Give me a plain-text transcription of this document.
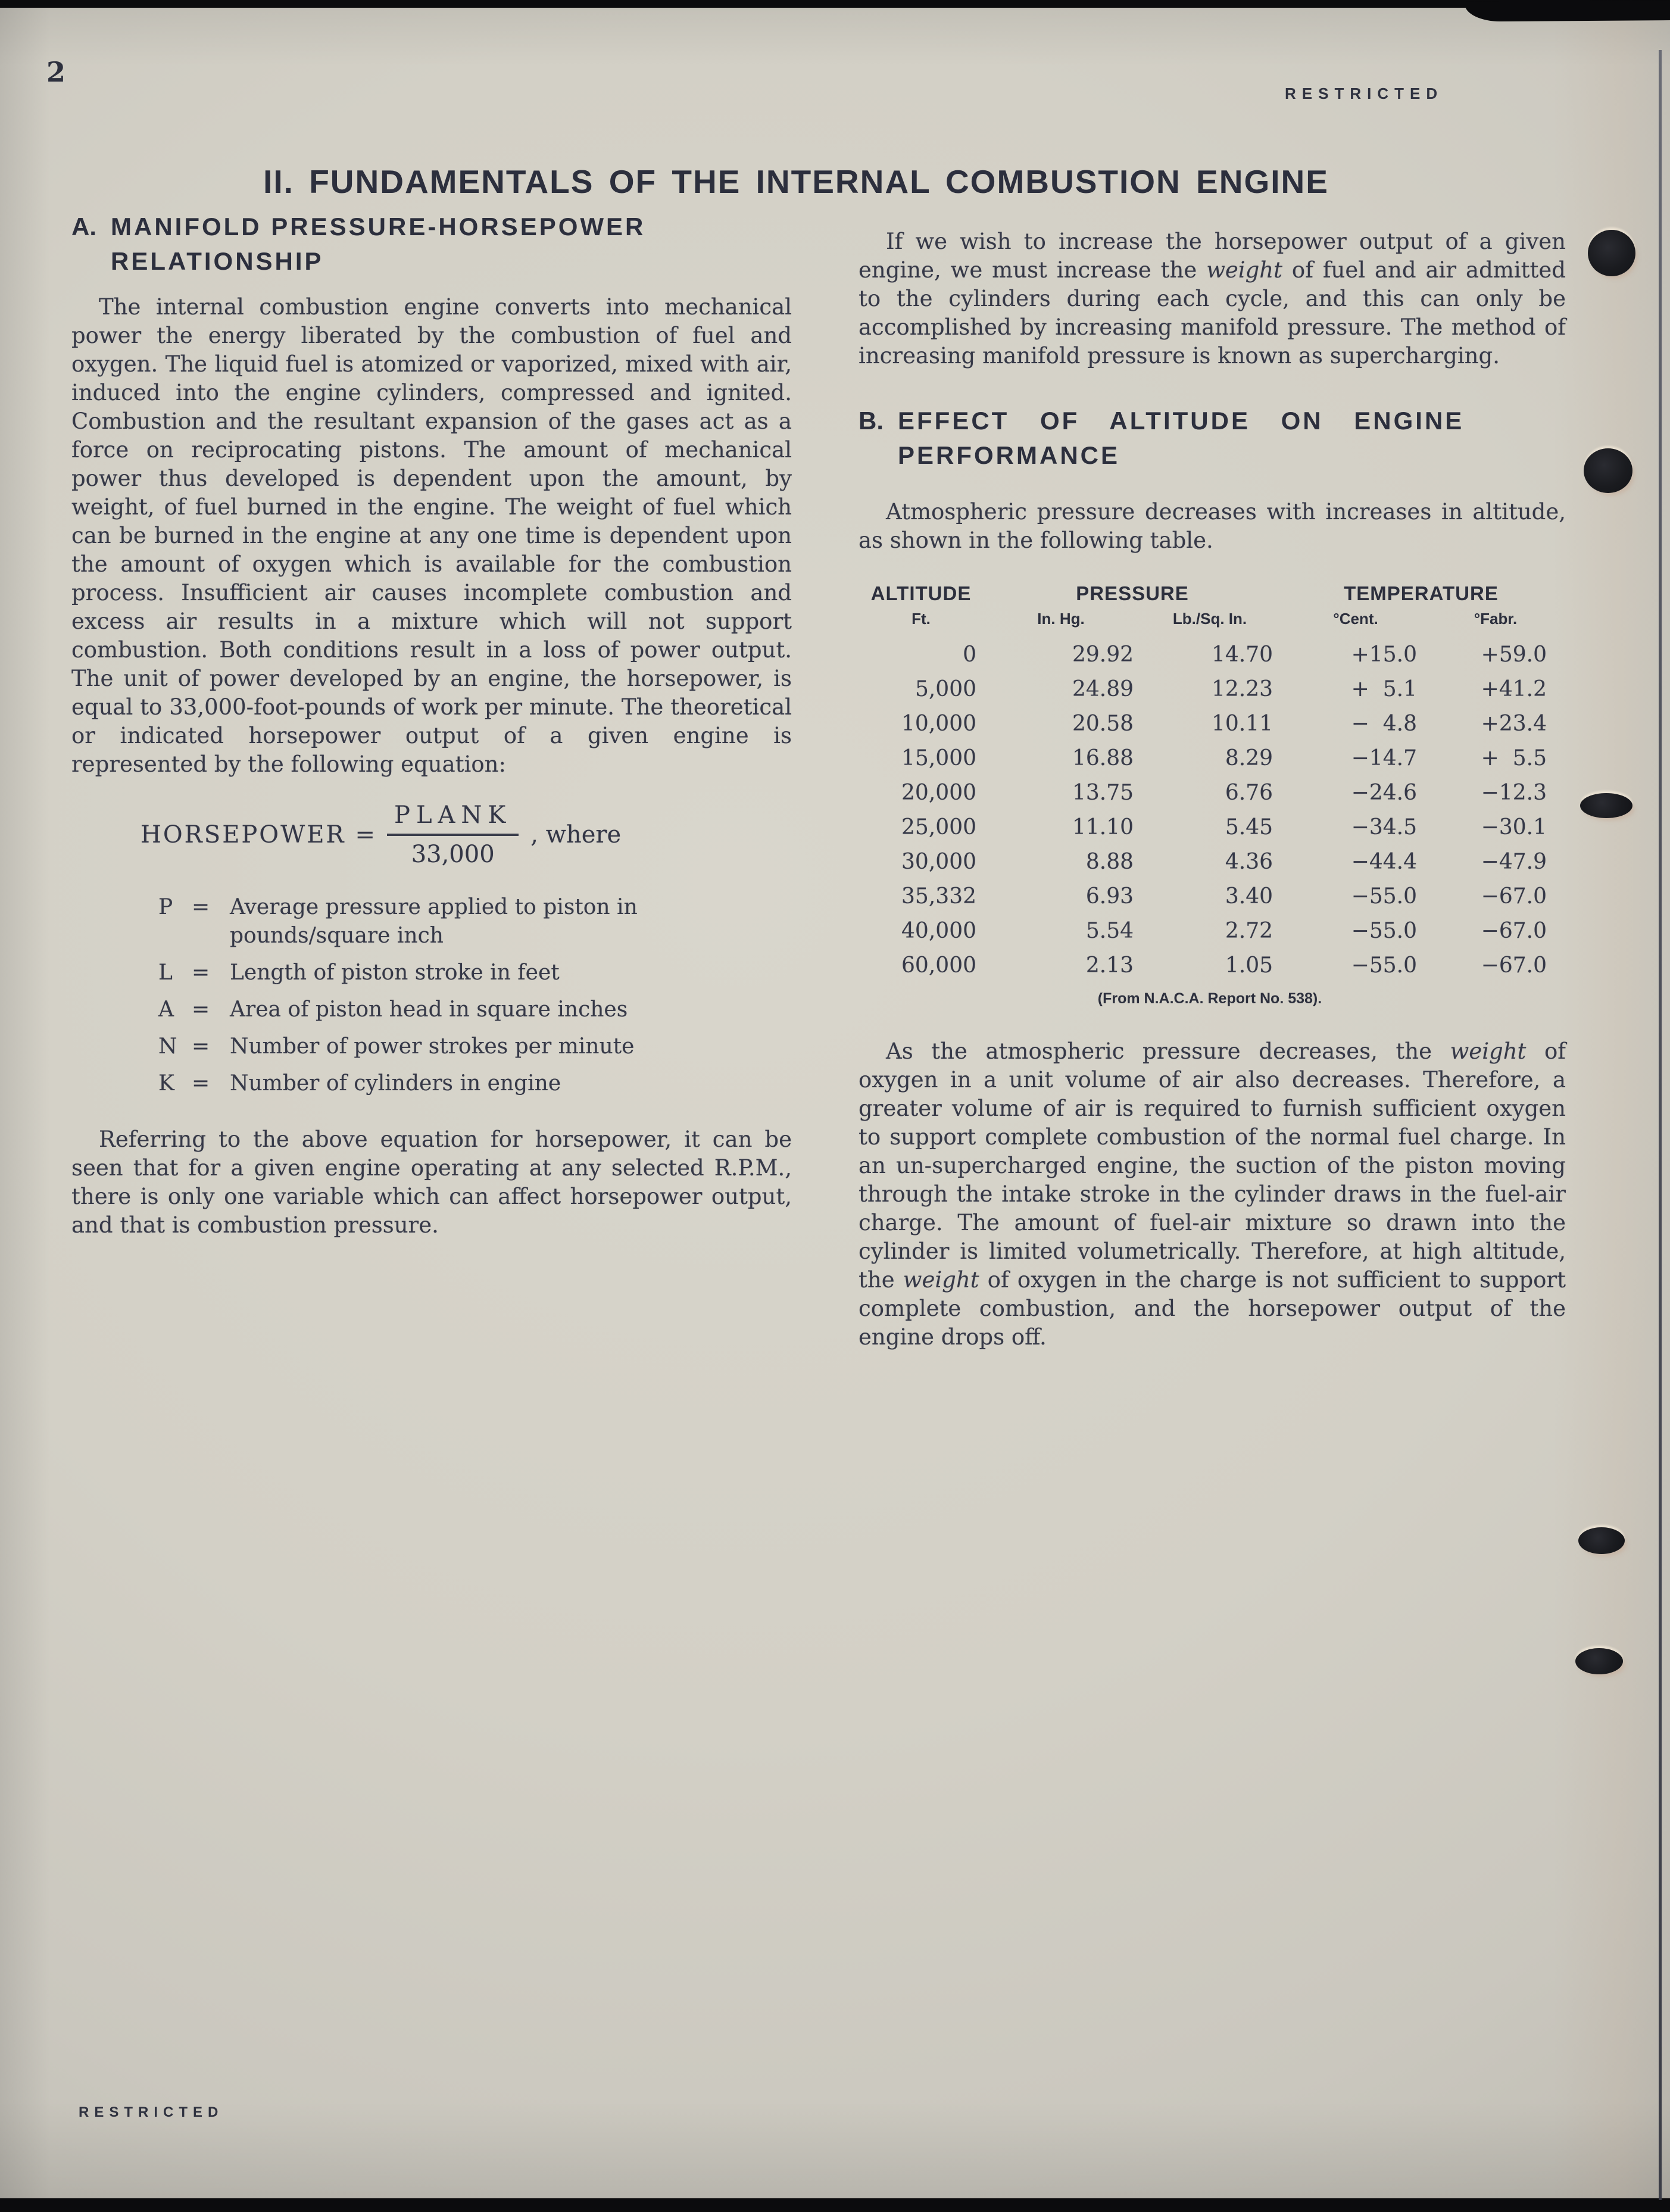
2
RESTRICTED
II. FUNDAMENTALS OF THE INTERNAL COMBUSTION ENGINE
A. MANIFOLD PRESSURE-HORSEPOWER
RELATIONSHIP

The internal combustion engine converts into mechanical power the energy liberated by the combustion of fuel and oxygen. The liquid fuel is atomized or vaporized, mixed with air, induced into the engine cylinders, compressed and ignited. Combustion and the resultant expansion of the gases act as a force on reciprocating pistons. The amount of mechanical power thus developed is dependent upon the amount, by weight, of fuel burned in the engine. The weight of fuel which can be burned in the engine at any one time is dependent upon the amount of oxygen which is available for the combustion process. Insufficient air causes incomplete combustion and excess air results in a mixture which will not support combustion. Both conditions result in a loss of power output. The unit of power developed by an engine, the horsepower, is equal to 33,000-foot-pounds of work per minute. The theoretical or indicated horsepower output of a given engine is represented by the following equation:

HORSEPOWER = $\frac{\text{PLANK}}{33,000}$ , where
P = Average pressure applied to piston in pounds/square inch
L = Length of piston stroke in feet
A = Area of piston head in square inches
N = Number of power strokes per minute
K = Number of cylinders in engine

Referring to the above equation for horsepower, it can be seen that for a given engine operating at any selected R.P.M., there is only one variable which can affect horsepower output, and that is combustion pressure.

If we wish to increase the horsepower output of a given engine, we must increase the weight of fuel and air admitted to the cylinders during each cycle, and this can only be accomplished by increasing manifold pressure. The method of increasing manifold pressure is known as supercharging.

B. EFFECT OF ALTITUDE ON ENGINE
PERFORMANCE

Atmospheric pressure decreases with increases in altitude, as shown in the following table.

ALTITUDE	PRESSURE	TEMPERATURE
Ft.	In. Hg.	Lb./Sq. In.	°Cent.	°Fabr.
0	29.92	14.70	+15.0	+59.0
5,000	24.89	12.23	+ 5.1	+41.2
10,000	20.58	10.11	− 4.8	+23.4
15,000	16.88	8.29	−14.7	+ 5.5
20,000	13.75	6.76	−24.6	−12.3
25,000	11.10	5.45	−34.5	−30.1
30,000	8.88	4.36	−44.4	−47.9
35,332	6.93	3.40	−55.0	−67.0
40,000	5.54	2.72	−55.0	−67.0
60,000	2.13	1.05	−55.0	−67.0
(From N.A.C.A. Report No. 538).

As the atmospheric pressure decreases, the weight of oxygen in a unit volume of air also decreases. Therefore, a greater volume of air is required to furnish sufficient oxygen to support complete combustion of the normal fuel charge. In an un-supercharged engine, the suction of the piston moving through the intake stroke in the cylinder draws in the fuel-air charge. The amount of fuel-air mixture so drawn into the cylinder is limited volumetrically. Therefore, at high altitude, the weight of oxygen in the charge is not sufficient to support complete combustion, and the horsepower output of the engine drops off.

RESTRICTED
